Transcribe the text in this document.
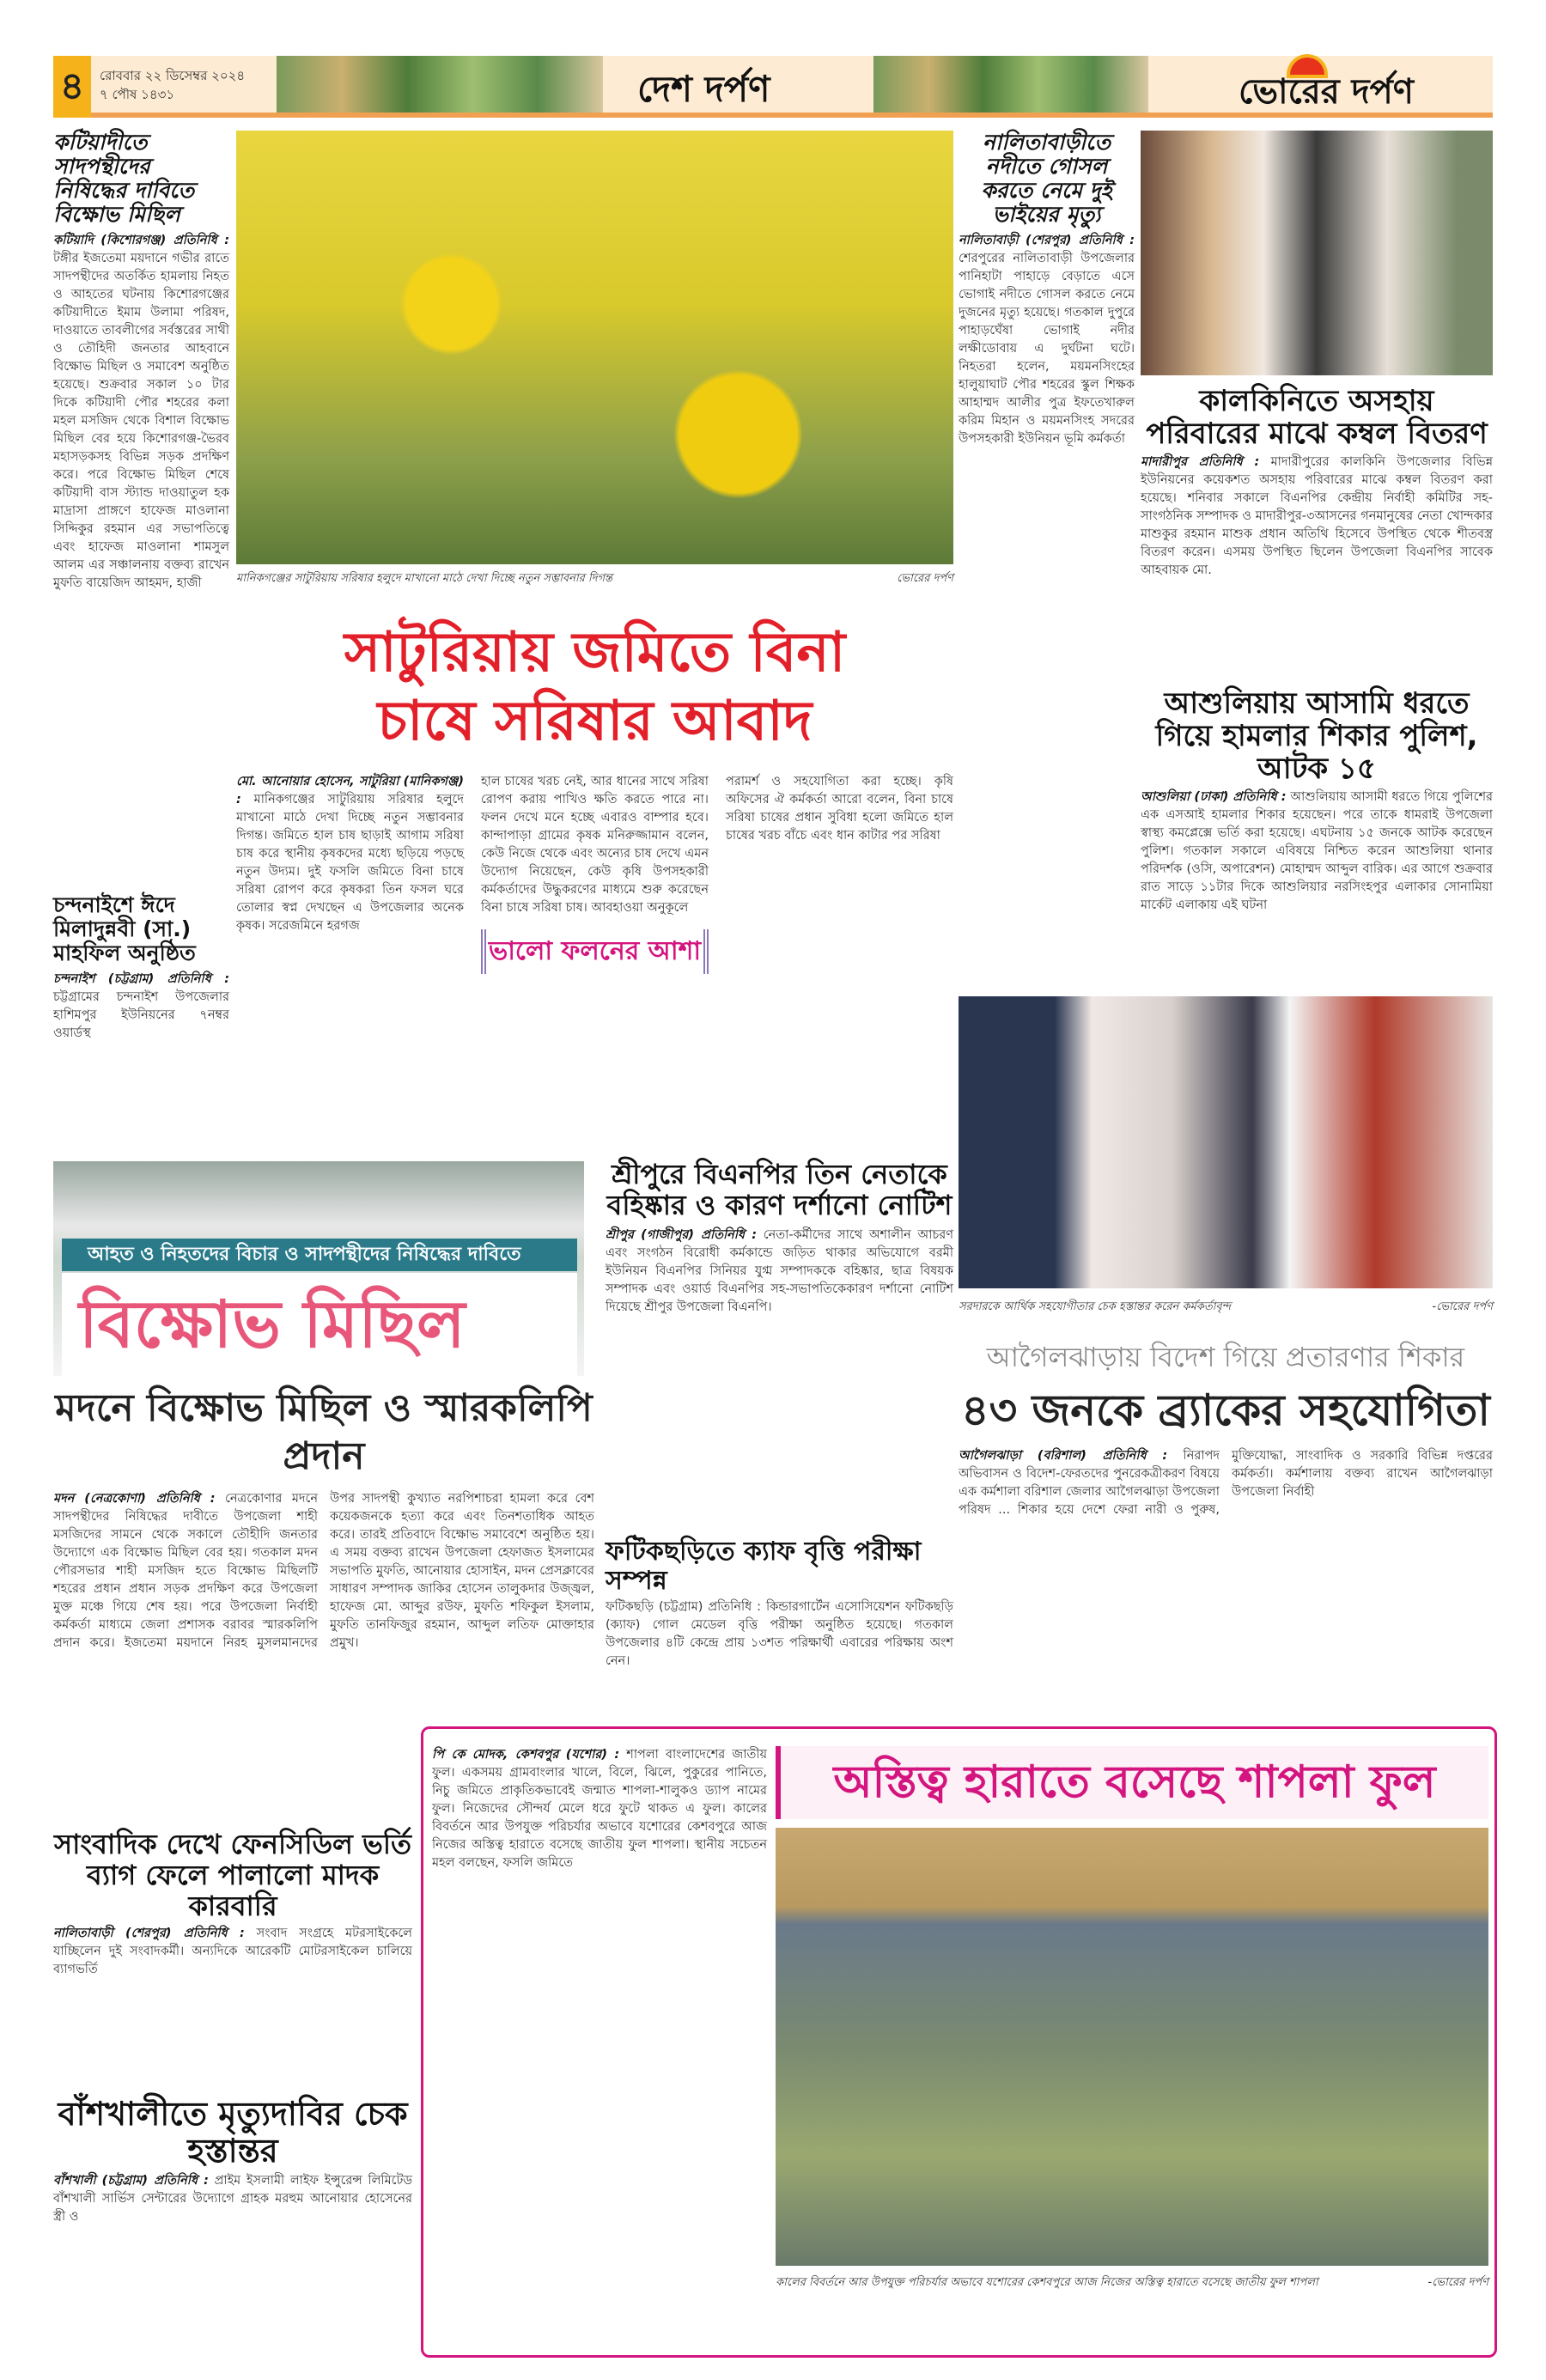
৪	রোববার ২২ ডিসেম্বর ২০২৪
৭ পৌষ ১৪৩১	দেশ দর্পণ	ভোরের দর্পণ
কটিয়াদীতে সাদপন্থীদের নিষিদ্ধের দাবিতে বিক্ষোভ মিছিল

কটিয়াদি (কিশোরগঞ্জ) প্রতিনিধি : টঙ্গীর ইজতেমা ময়দানে গভীর রাতে সাদপন্থীদের অতর্কিত হামলায় নিহত ও আহতের ঘটনায় কিশোরগঞ্জের কটিয়াদীতে ইমাম উলামা পরিষদ, দাওয়াতে তাবলীগের সর্বস্তরের সাথী ও তৌহিদী জনতার আহবানে বিক্ষোভ মিছিল ও সমাবেশ অনুষ্ঠিত হয়েছে। শুক্রবার সকাল ১০ টার দিকে কটিয়াদী পৌর শহরের কলা মহল মসজিদ থেকে বিশাল বিক্ষোভ মিছিল বের হয়ে কিশোরগঞ্জ-ভৈরব মহাসড়কসহ বিভিন্ন সড়ক প্রদক্ষিণ করে। পরে বিক্ষোভ মিছিল শেষে কটিয়াদী বাস স্ট্যান্ড দাওয়াতুল হক মাদ্রাসা প্রাঙ্গণে হাফেজ মাওলানা সিদ্দিকুর রহমান এর সভাপতিত্বে এবং হাফেজ মাওলানা শামসুল আলম এর সঞ্চালনায় বক্তব্য রাখেন মুফতি বায়েজিদ আহমদ, হাজী

চন্দনাইশে ঈদে মিলাদুন্নবী (সা.) মাহফিল অনুষ্ঠিত

চন্দনাইশ (চট্টগ্রাম) প্রতিনিধি : চট্টগ্রামের চন্দনাইশ উপজেলার হাশিমপুর ইউনিয়নের ৭নম্বর ওয়ার্ডস্থ

মানিকগঞ্জের সাটুরিয়ায় সরিষার হলুদে মাখানো মাঠে দেখা দিচ্ছে নতুন সম্ভাবনার দিগন্ত	ভোরের দর্পণ
সাটুরিয়ায় জমিতে বিনা
চাষে সরিষার আবাদ
মো. আনোয়ার হোসেন, সাটুরিয়া (মানিকগঞ্জ) : মানিকগঞ্জের সাটুরিয়ায় সরিষার হলুদে মাখানো মাঠে দেখা দিচ্ছে নতুন সম্ভাবনার দিগন্ত। জমিতে হাল চাষ ছাড়াই আগাম সরিষা চাষ করে স্থানীয় কৃষকদের মধ্যে ছড়িয়ে পড়ছে নতুন উদ্যম। দুই ফসলি জমিতে বিনা চাষে সরিষা রোপণ করে কৃষকরা তিন ফসল ঘরে তোলার স্বপ্ন দেখছেন এ উপজেলার অনেক কৃষক। সরেজমিনে হরগজ
হাল চাষের খরচ নেই, আর ধানের সাথে সরিষা রোপণ করায় পাখিও ক্ষতি করতে পারে না। ফলন দেখে মনে হচ্ছে এবারও বাম্পার হবে। কান্দাপাড়া গ্রামের কৃষক মনিরুজ্জামান বলেন, কেউ নিজে থেকে এবং অন্যের চাষ দেখে এমন উদ্যোগ নিয়েছেন, কেউ কৃষি উপসহকারী কর্মকর্তাদের উদ্ধুকরণের মাধ্যমে শুরু করেছেন বিনা চাষে সরিষা চাষ। আবহাওয়া অনুকূলে
ভালো ফলনের আশা
পরামর্শ ও সহযোগিতা করা হচ্ছে। কৃষি অফিসের ঐ কর্মকর্তা আরো বলেন, বিনা চাষে সরিষা চাষের প্রধান সুবিধা হলো জমিতে হাল চাষের খরচ বাঁচে এবং ধান কাটার পর সরিষা
নালিতাবাড়ীতে নদীতে গোসল করতে নেমে দুই ভাইয়ের মৃত্যু

নালিতাবাড়ী (শেরপুর) প্রতিনিধি : শেরপুরের নালিতাবাড়ী উপজেলার পানিহাটা পাহাড়ে বেড়াতে এসে ভোগাই নদীতে গোসল করতে নেমে দুজনের মৃত্যু হয়েছে। গতকাল দুপুরে পাহাড়ঘেঁষা ভোগাই নদীর লক্ষীডোবায় এ দুর্ঘটনা ঘটে। নিহতরা হলেন, ময়মনসিংহের হালুয়াঘাট পৌর শহরের স্কুল শিক্ষক আহাম্মদ আলীর পুত্র ইফতেখারুল করিম মিহান ও ময়মনসিংহ সদরের উপসহকারী ইউনিয়ন ভূমি কর্মকর্তা

কালকিনিতে অসহায় পরিবারের মাঝে কম্বল বিতরণ

মাদারীপুর প্রতিনিধি : মাদারীপুরের কালকিনি উপজেলার বিভিন্ন ইউনিয়নের কয়েকশত অসহায় পরিবারের মাঝে কম্বল বিতরণ করা হয়েছে। শনিবার সকালে বিএনপির কেন্দ্রীয় নির্বাহী কমিটির সহ-সাংগঠনিক সম্পাদক ও মাদারীপুর-৩আসনের গনমানুষের নেতা খোন্দকার মাশুকুর রহমান মাশুক প্রধান অতিথি হিসেবে উপস্থিত থেকে শীতবস্ত্র বিতরণ করেন। এসময় উপস্থিত ছিলেন উপজেলা বিএনপির সাবেক আহবায়ক মো.

আশুলিয়ায় আসামি ধরতে গিয়ে হামলার শিকার পুলিশ, আটক ১৫

আশুলিয়া (ঢাকা) প্রতিনিধি : আশুলিয়ায় আসামী ধরতে গিয়ে পুলিশের এক এসআই হামলার শিকার হয়েছেন। পরে তাকে ধামরাই উপজেলা স্বাস্থ্য কমপ্লেক্সে ভর্তি করা হয়েছে। এঘটনায় ১৫ জনকে আটক করেছেন পুলিশ। গতকাল সকালে এবিষয়ে নিশ্চিত করেন আশুলিয়া থানার পরিদর্শক (ওসি, অপারেশন) মোহাম্মদ আব্দুল বারিক। এর আগে শুক্রবার রাত সাড়ে ১১টার দিকে আশুলিয়ার নরসিংহপুর এলাকার সোনামিয়া মার্কেট এলাকায় এই ঘটনা

আহত ও নিহতদের বিচার ও সাদপন্থীদের নিষিদ্ধের দাবিতে
বিক্ষোভ মিছিল
মদনে বিক্ষোভ মিছিল ও স্মারকলিপি প্রদান
মদন (নেত্রকোণা) প্রতিনিধি : নেত্রকোণার মদনে সাদপন্থীদের নিষিদ্ধের দাবীতে উপজেলা শাহী মসজিদের সামনে থেকে সকালে তৌহীদি জনতার উদ্যোগে এক বিক্ষোভ মিছিল বের হয়। গতকাল মদন পৌরসভার শাহী মসজিদ হতে বিক্ষোভ মিছিলটি শহরের প্রধান প্রধান সড়ক প্রদক্ষিণ করে উপজেলা মুক্ত মঞ্চে গিয়ে শেষ হয়। পরে উপজেলা নির্বাহী কর্মকর্তা মাধ্যমে জেলা প্রশাসক বরাবর স্মারকলিপি প্রদান করে। ইজতেমা ময়দানে নিরহ মুসলমানদের উপর সাদপন্থী কুখ্যাত নরপিশাচরা হামলা করে বেশ কয়েকজনকে হত্যা করে এবং তিনশতাধিক আহত করে। তারই প্রতিবাদে বিক্ষোভ সমাবেশে অনুষ্ঠিত হয়। এ সময় বক্তব্য রাখেন উপজেলা হেফাজত ইসলামের সভাপতি মুফতি, আনোয়ার হোসাইন, মদন প্রেসক্লাবের সাধারণ সম্পাদক জাকির হোসেন তালুকদার উজ্জ্বল, হাফেজ মো. আব্দুর রউফ, মুফতি শফিকুল ইসলাম, মুফতি তানফিজুর রহমান, আব্দুল লতিফ মোক্তাহার প্রমুখ।
শ্রীপুরে বিএনপির তিন নেতাকে বহিষ্কার ও কারণ দর্শানো নোটিশ

শ্রীপুর (গাজীপুর) প্রতিনিধি : নেতা-কর্মীদের সাথে অশালীন আচরণ এবং সংগঠন বিরোধী কর্মকান্ডে জড়িত থাকার অভিযোগে বরমী ইউনিয়ন বিএনপির সিনিয়র যুগ্ম সম্পাদককে বহিষ্কার, ছাত্র বিষয়ক সম্পাদক এবং ওয়ার্ড বিএনপির সহ-সভাপতিকেকারণ দর্শানো নোটিশ দিয়েছে শ্রীপুর উপজেলা বিএনপি।

ফটিকছড়িতে ক্যাফ বৃত্তি পরীক্ষা সম্পন্ন

ফটিকছড়ি (চট্টগ্রাম) প্রতিনিধি : কিন্ডারগার্টেন এসোসিয়েশন ফটিকছড়ি (ক্যাফ) গোল মেডেল বৃত্তি পরীক্ষা অনুষ্ঠিত হয়েছে। গতকাল উপজেলার ৪টি কেন্দ্রে প্রায় ১৩শত পরিক্ষার্থী এবারের পরিক্ষায় অংশ নেন।

সরদারকে আর্থিক সহযোগীতার চেক হস্তান্তর করেন কর্মকর্তাবৃন্দ	-ভোরের দর্পণ
আগৈলঝাড়ায় বিদেশ গিয়ে প্রতারণার শিকার
৪৩ জনকে ব্র্যাকের সহযোগিতা
আগৈলঝাড়া (বরিশাল) প্রতিনিধি : নিরাপদ অভিবাসন ও বিদেশ-ফেরতদের পুনরেকত্রীকরণ বিষয়ে এক কর্মশালা বরিশাল জেলার আগৈলঝাড়া উপজেলা পরিষদ ... শিকার হয়ে দেশে ফেরা নারী ও পুরুষ, মুক্তিযোদ্ধা, সাংবাদিক ও সরকারি বিভিন্ন দপ্তরের কর্মকর্তা। কর্মশালায় বক্তব্য রাখেন আগৈলঝাড়া উপজেলা নির্বাহী
সাংবাদিক দেখে ফেনসিডিল ভর্তি ব্যাগ ফেলে পালালো মাদক কারবারি

নালিতাবাড়ী (শেরপুর) প্রতিনিধি : সংবাদ সংগ্রহে মটরসাইকেলে যাচ্ছিলেন দুই সংবাদকর্মী। অন্যদিকে আরেকটি মোটরসাইকেল চালিয়ে ব্যাগভর্তি

বাঁশখালীতে মৃত্যুদাবির চেক হস্তান্তর

বাঁশখালী (চট্টগ্রাম) প্রতিনিধি : প্রাইম ইসলামী লাইফ ইন্সুরেন্স লিমিটেড বাঁশখালী সার্ভিস সেন্টারের উদ্যোগে গ্রাহক মরহুম আনোয়ার হোসেনের স্ত্রী ও

পি কে মোদক, কেশবপুর (যশোর) : শাপলা বাংলাদেশের জাতীয় ফুল। একসময় গ্রামবাংলার খালে, বিলে, ঝিলে, পুকুরের পানিতে, নিচু জমিতে প্রাকৃতিকভাবেই জন্মাত শাপলা-শালুকও ড্যাপ নামের ফুল। নিজেদের সৌন্দর্য মেলে ধরে ফুটে থাকত এ ফুল। কালের বিবর্তনে আর উপযুক্ত পরিচর্যার অভাবে যশোরের কেশবপুরে আজ নিজের অস্তিত্ব হারাতে বসেছে জাতীয় ফুল শাপলা। স্থানীয় সচেতন মহল বলছেন, ফসলি জমিতে
অস্তিত্ব হারাতে বসেছে শাপলা ফুল
কালের বিবর্তনে আর উপযুক্ত পরিচর্যার অভাবে যশোরের কেশবপুরে আজ নিজের অস্তিত্ব হারাতে বসেছে জাতীয় ফুল শাপলা	-ভোরের দর্পণ
